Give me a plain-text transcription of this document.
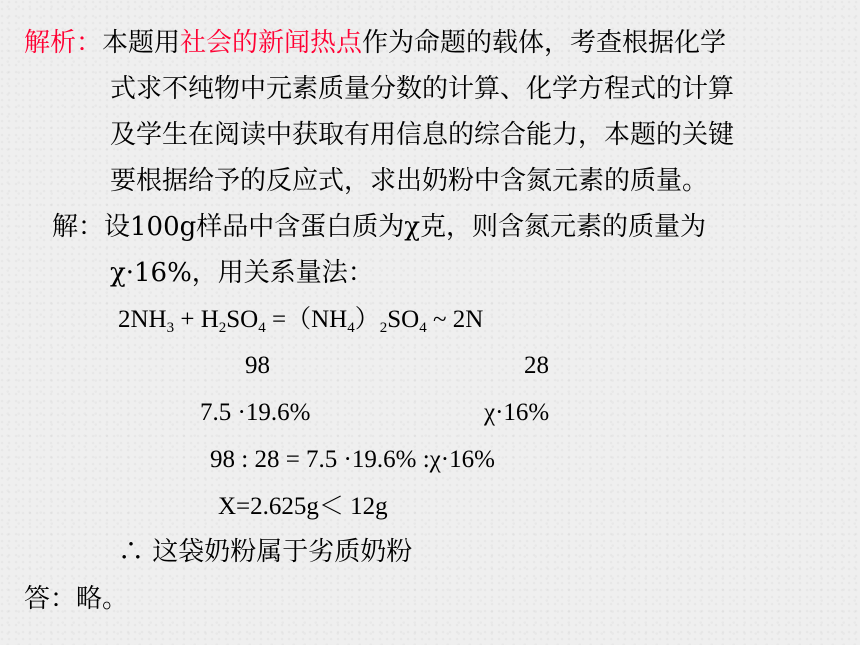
解析：本题用社会的新闻热点作为命题的载体，考查根据化学
式求不纯物中元素质量分数的计算、化学方程式的计算
及学生在阅读中获取有用信息的综合能力，本题的关键
要根据给予的反应式，求出奶粉中含氮元素的质量。
解：设100g样品中含蛋白质为χ克，则含氮元素的质量为
χ·16%，用关系量法：
$2NH_3 + H_2SO_4 =(NH_4)_2SO_4$ ~ 2N
98	28
7.5 ·19.6%	χ·16%
98 : 28 = 7.5 ·19.6% :χ·16%
X=2.625g＜ 12g
∴ 这袋奶粉属于劣质奶粉
答：略。
